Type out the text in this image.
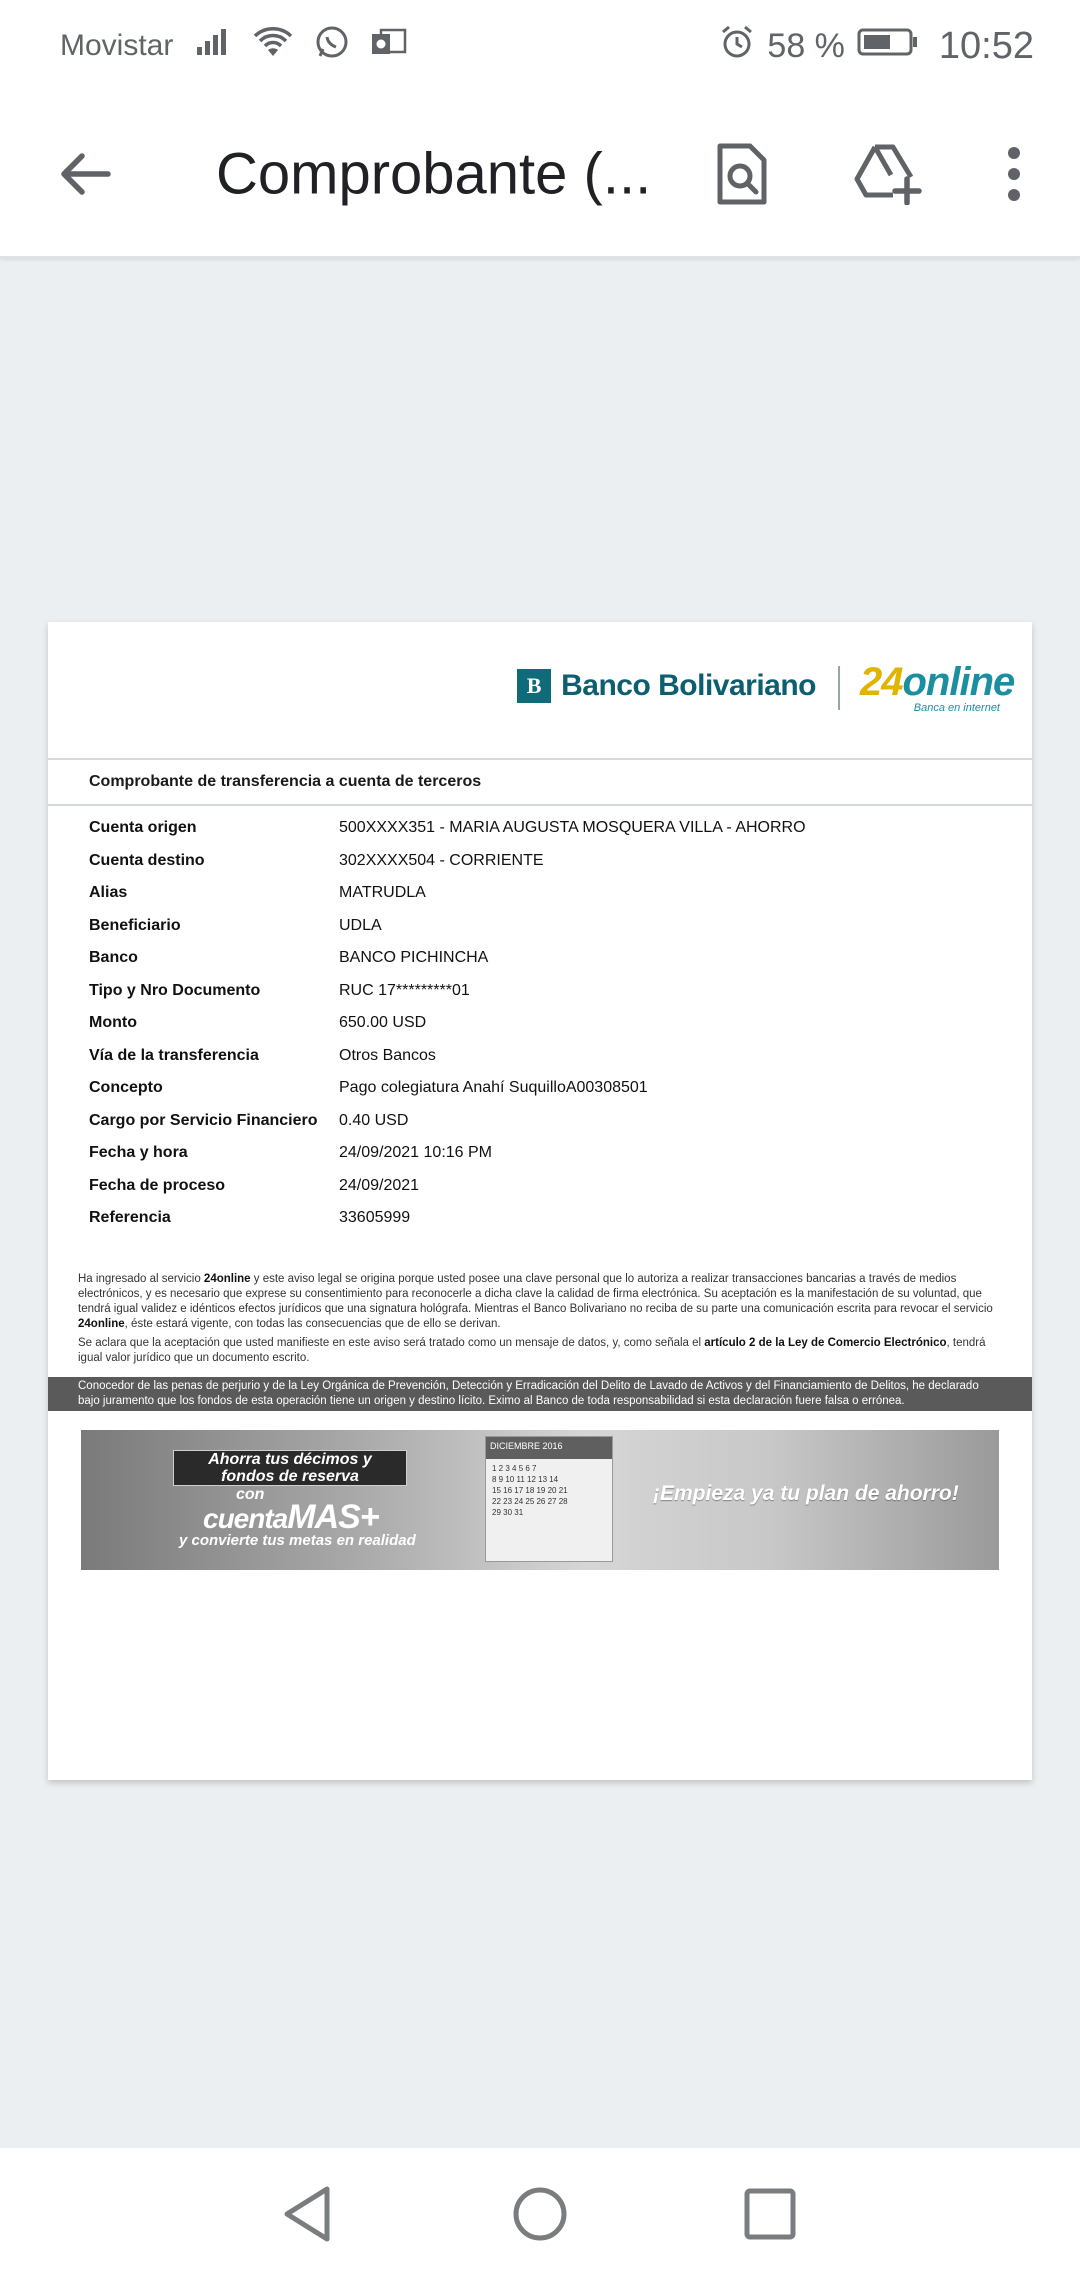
Movistar	58 % 10:52
Comprobante (...
B Banco Bolivariano 24online
Banca en internet
Comprobante de transferencia a cuenta de terceros
Cuenta origen	500XXXX351 - MARIA AUGUSTA MOSQUERA VILLA - AHORRO
Cuenta destino	302XXXX504 - CORRIENTE
Alias	MATRUDLA
Beneficiario	UDLA
Banco	BANCO PICHINCHA
Tipo y Nro Documento	RUC 17*********01
Monto	650.00 USD
Vía de la transferencia	Otros Bancos
Concepto	Pago colegiatura Anahí SuquilloA00308501
Cargo por Servicio Financiero	0.40 USD
Fecha y hora	24/09/2021 10:16 PM
Fecha de proceso	24/09/2021
Referencia	33605999

Ha ingresado al servicio 24online y este aviso legal se origina porque usted posee una clave personal que lo autoriza a realizar transacciones bancarias a través de medios electrónicos, y es necesario que exprese su consentimiento para reconocerle a dicha clave la calidad de firma electrónica. Su aceptación es la manifestación de su voluntad, que tendrá igual validez e idénticos efectos jurídicos que una signatura hológrafa. Mientras el Banco Bolivariano no reciba de su parte una comunicación escrita para revocar el servicio 24online, éste estará vigente, con todas las consecuencias que de ello se derivan.

Se aclara que la aceptación que usted manifieste en este aviso será tratado como un mensaje de datos, y, como señala el artículo 2 de la Ley de Comercio Electrónico, tendrá igual valor jurídico que un documento escrito.

Conocedor de las penas de perjurio y de la Ley Orgánica de Prevención, Detección y Erradicación del Delito de Lavado de Activos y del Financiamiento de Delitos, he declarado bajo juramento que los fondos de esta operación tiene un origen y destino lícito. Eximo al Banco de toda responsabilidad si esta declaración fuere falsa o errónea.
Ahorra tus décimos y
fondos de reserva
con
cuentaMAS+
y convierte tus metas en realidad
DICIEMBRE 2016
1 2 3 4 5 6 7
8 9 10 11 12 13 14
15 16 17 18 19 20 21
22 23 24 25 26 27 28
29 30 31
¡Empieza ya tu plan de ahorro!
